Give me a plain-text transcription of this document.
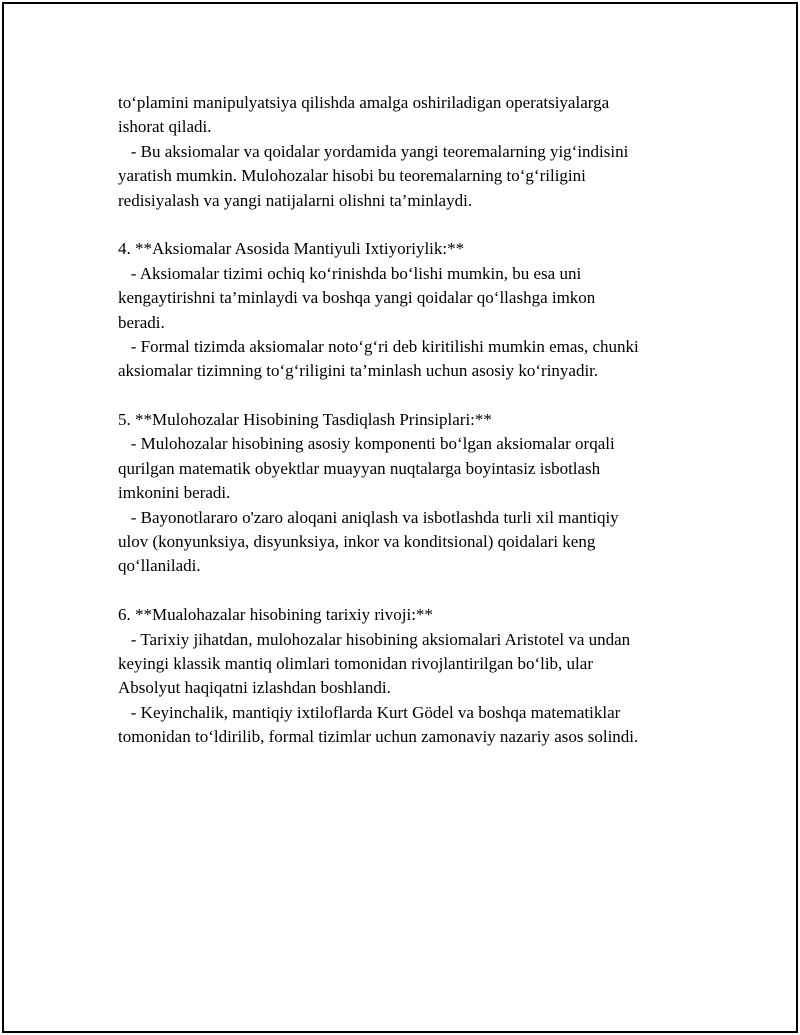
to‘plamini manipulyatsiya qilishda amalga oshiriladigan operatsiyalarga
ishorat qiladi.
- Bu aksiomalar va qoidalar yordamida yangi teoremalarning yig‘indisini
yaratish mumkin. Mulohozalar hisobi bu teoremalarning to‘g‘riligini
redisiyalash va yangi natijalarni olishni ta’minlaydi.
4. **Aksiomalar Asosida Mantiyuli Ixtiyoriylik:**
- Aksiomalar tizimi ochiq ko‘rinishda bo‘lishi mumkin, bu esa uni
kengaytirishni ta’minlaydi va boshqa yangi qoidalar qo‘llashga imkon
beradi.
- Formal tizimda aksiomalar noto‘g‘ri deb kiritilishi mumkin emas, chunki
aksiomalar tizimning to‘g‘riligini ta’minlash uchun asosiy ko‘rinyadir.
5. **Mulohozalar Hisobining Tasdiqlash Prinsiplari:**
- Mulohozalar hisobining asosiy komponenti bo‘lgan aksiomalar orqali
qurilgan matematik obyektlar muayyan nuqtalarga boyintasiz isbotlash
imkonini beradi.
- Bayonotlararo o'zaro aloqani aniqlash va isbotlashda turli xil mantiqiy
ulov (konyunksiya, disyunksiya, inkor va konditsional) qoidalari keng
qo‘llaniladi.
6. **Mualohazalar hisobining tarixiy rivoji:**
- Tarixiy jihatdan, mulohozalar hisobining aksiomalari Aristotel va undan
keyingi klassik mantiq olimlari tomonidan rivojlantirilgan bo‘lib, ular
Absolyut haqiqatni izlashdan boshlandi.
- Keyinchalik, mantiqiy ixtiloflarda Kurt Gödel va boshqa matematiklar
tomonidan to‘ldirilib, formal tizimlar uchun zamonaviy nazariy asos solindi.
